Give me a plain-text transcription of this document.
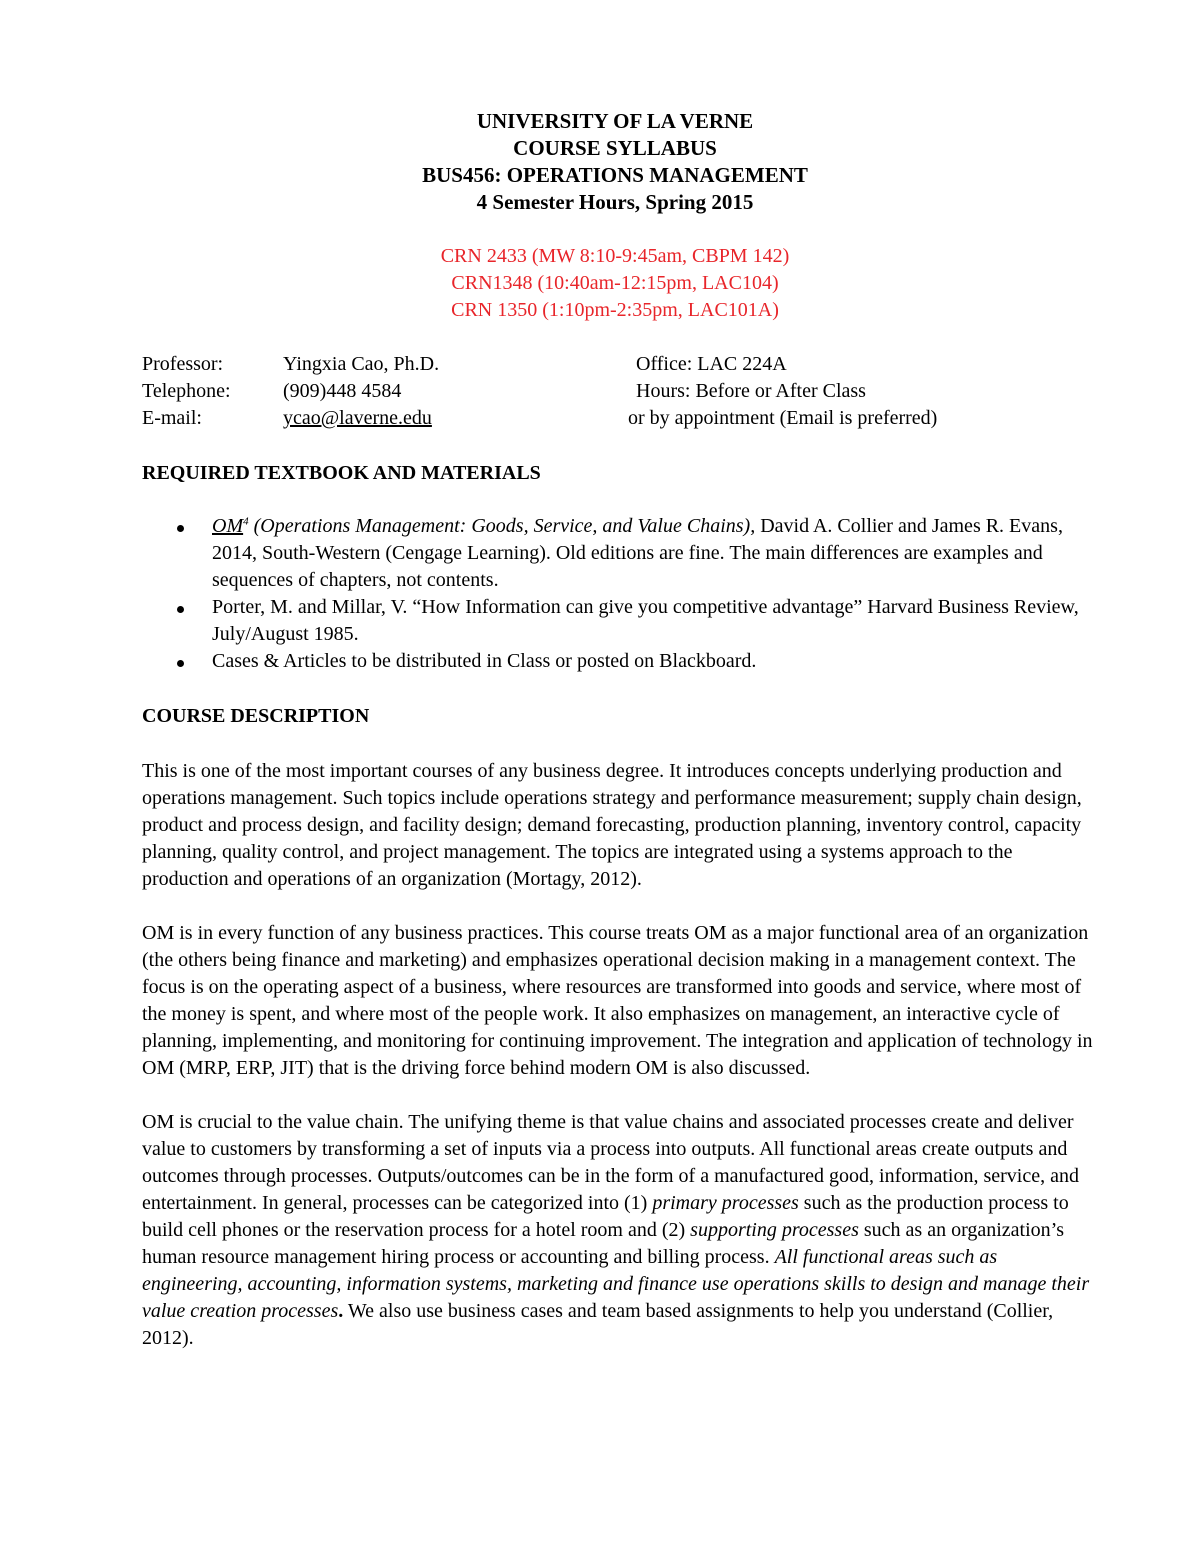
UNIVERSITY OF LA VERNE
COURSE SYLLABUS
BUS456: OPERATIONS MANAGEMENT
4 Semester Hours, Spring 2015
CRN 2433 (MW 8:10-9:45am, CBPM 142)
CRN1348 (10:40am-12:15pm, LAC104)
CRN 1350 (1:10pm-2:35pm, LAC101A)
Professor:	Yingxia Cao, Ph.D.	Office: LAC 224A
Telephone:	(909)448 4584	Hours: Before or After Class
E-mail:	ycao@laverne.edu	or by appointment (Email is preferred)
REQUIRED TEXTBOOK AND MATERIALS
$OM^4$ (Operations Management: Goods, Service, and Value Chains), David A. Collier and James R. Evans, 2014, South-Western (Cengage Learning). Old editions are fine. The main differences are examples and sequences of chapters, not contents.
Porter, M. and Millar, V. “How Information can give you competitive advantage” Harvard Business Review, July/August 1985.
Cases & Articles to be distributed in Class or posted on Blackboard.
COURSE DESCRIPTION

This is one of the most important courses of any business degree. It introduces concepts underlying production and operations management. Such topics include operations strategy and performance measurement; supply chain design, product and process design, and facility design; demand forecasting, production planning, inventory control, capacity planning, quality control, and project management. The topics are integrated using a systems approach to the production and operations of an organization (Mortagy, 2012).

OM is in every function of any business practices. This course treats OM as a major functional area of an organization (the others being finance and marketing) and emphasizes operational decision making in a management context. The focus is on the operating aspect of a business, where resources are transformed into goods and service, where most of the money is spent, and where most of the people work. It also emphasizes on management, an interactive cycle of planning, implementing, and monitoring for continuing improvement. The integration and application of technology in OM (MRP, ERP, JIT) that is the driving force behind modern OM is also discussed.

OM is crucial to the value chain. The unifying theme is that value chains and associated processes create and deliver value to customers by transforming a set of inputs via a process into outputs. All functional areas create outputs and outcomes through processes. Outputs/outcomes can be in the form of a manufactured good, information, service, and entertainment. In general, processes can be categorized into (1) primary processes such as the production process to build cell phones or the reservation process for a hotel room and (2) supporting processes such as an organization’s human resource management hiring process or accounting and billing process. All functional areas such as engineering, accounting, information systems, marketing and finance use operations skills to design and manage their value creation processes. We also use business cases and team based assignments to help you understand (Collier, 2012).
